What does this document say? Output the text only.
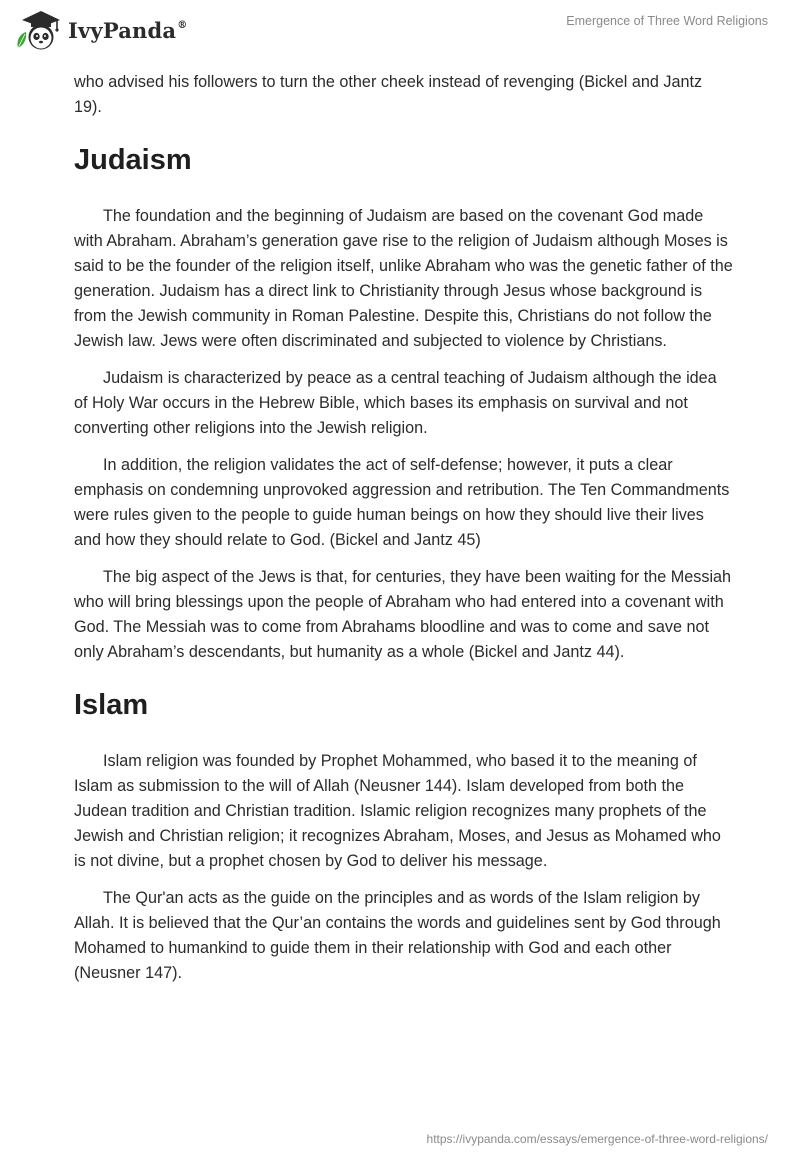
IvyPanda®	Emergence of Three Word Religions

who advised his followers to turn the other cheek instead of revenging (Bickel and Jantz 19).

Judaism

The foundation and the beginning of Judaism are based on the covenant God made with Abraham. Abraham’s generation gave rise to the religion of Judaism although Moses is said to be the founder of the religion itself, unlike Abraham who was the genetic father of the generation. Judaism has a direct link to Christianity through Jesus whose background is from the Jewish community in Roman Palestine. Despite this, Christians do not follow the Jewish law. Jews were often discriminated and subjected to violence by Christians.

Judaism is characterized by peace as a central teaching of Judaism although the idea of Holy War occurs in the Hebrew Bible, which bases its emphasis on survival and not converting other religions into the Jewish religion.

In addition, the religion validates the act of self-defense; however, it puts a clear emphasis on condemning unprovoked aggression and retribution. The Ten Commandments were rules given to the people to guide human beings on how they should live their lives and how they should relate to God. (Bickel and Jantz 45)

The big aspect of the Jews is that, for centuries, they have been waiting for the Messiah who will bring blessings upon the people of Abraham who had entered into a covenant with God. The Messiah was to come from Abrahams bloodline and was to come and save not only Abraham’s descendants, but humanity as a whole (Bickel and Jantz 44).

Islam

Islam religion was founded by Prophet Mohammed, who based it to the meaning of Islam as submission to the will of Allah (Neusner 144). Islam developed from both the Judean tradition and Christian tradition. Islamic religion recognizes many prophets of the Jewish and Christian religion; it recognizes Abraham, Moses, and Jesus as Mohamed who is not divine, but a prophet chosen by God to deliver his message.

The Qur'an acts as the guide on the principles and as words of the Islam religion by Allah. It is believed that the Qur’an contains the words and guidelines sent by God through Mohamed to humankind to guide them in their relationship with God and each other (Neusner 147).

https://ivypanda.com/essays/emergence-of-three-word-religions/
